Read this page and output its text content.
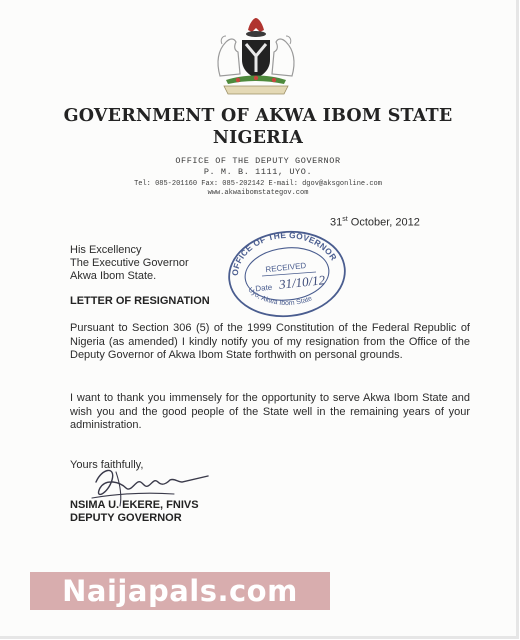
GOVERNMENT OF AKWA IBOM STATE
NIGERIA
OFFICE OF THE DEPUTY GOVERNOR
P. M. B. 1111, UYO.
Tel: 085-201160 Fax: 085-202142 E-mail: dgov@aksgonline.com
www.akwaibomstategov.com
31st October, 2012
His Excellency
The Executive Governor
Akwa Ibom State.	OFFICE OF THE GOVERNOR
RECEIVED
Date 31/10/12
Uyo, Akwa Ibom State
LETTER OF RESIGNATION
Pursuant to Section 306 (5) of the 1999 Constitution of the Federal Republic of Nigeria (as amended) I kindly notify you of my resignation from the Office of the Deputy Governor of Akwa Ibom State forthwith on personal grounds.
I want to thank you immensely for the opportunity to serve Akwa Ibom State and wish you and the good people of the State well in the remaining years of your administration.
Yours faithfully,
NSIMA U. EKERE, FNIVS
DEPUTY GOVERNOR
Naijapals.com
